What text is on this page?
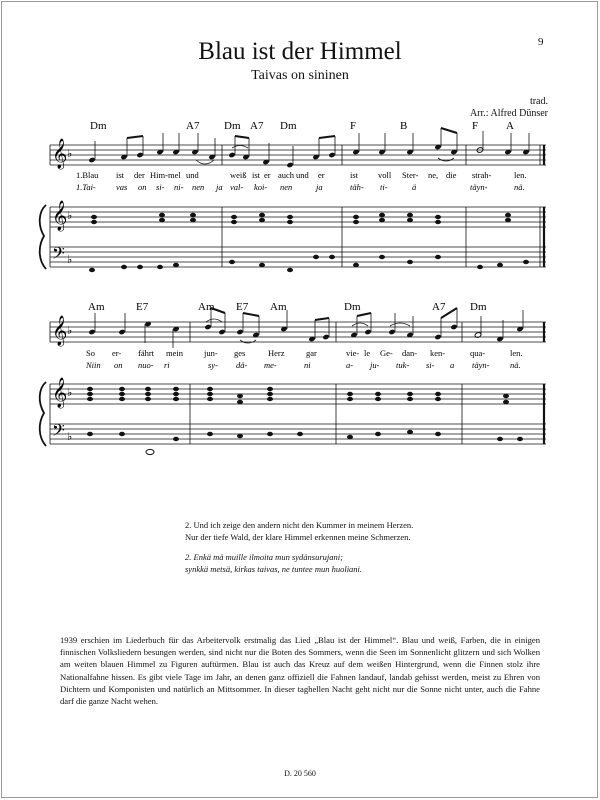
9
Blau ist der Himmel
Taivas on sininen
trad.
Arr.: Alfred Dünser
𝄞
𝄞
𝄢
♭
♭
♭
𝄞
𝄞
𝄢
♭
♭
♭
Dm	A7 Dm A7 Dm	F	B	F	A
1.Blau ist der Him- mel und	weiß ist er auch und er	ist voll Ster- ne, die strah-	len.
1.Tai- vas on si- ni- nen ja val- koi- nen	ja	täh- ti-	ä	täyn-	nä.
Am	E7	Am E7 Am	Dm	A7 Dm
So er- fährt mein jun- ges	Herz	gar	vie- le Ge- dan- ken-	qua-	len.
Niin on nuo- ri	sy- dä- me-	ni	a- ju- tuk- si- a täyn- nä.

2. Und ich zeige den andern nicht den Kummer in meinem Herzen.

Nur der tiefe Wald, der klare Himmel erkennen meine Schmerzen.

2. Enkä mä muille ilmoita mun sydänsurujani;

synkkä metsä, kirkas taivas, ne tuntee mun huoliani.

1939 erschien im Liederbuch für das Arbeitervolk erstmalig das Lied „Blau ist der Himmel“. Blau und weiß, Farben, die in einigen finnischen Volksliedern besungen werden, sind nicht nur die Boten des Sommers, wenn die Seen im Sonnenlicht glitzern und sich Wolken am weiten blauen Himmel zu Figuren auftürmen. Blau ist auch das Kreuz auf dem weißen Hintergrund, wenn die Finnen stolz ihre Nationalfahne hissen. Es gibt viele Tage im Jahr, an denen ganz offiziell die Fahnen landauf, landab gehisst werden, meist zu Ehren von Dichtern und Komponisten und natürlich an Mittsommer. In dieser taghellen Nacht geht nicht nur die Sonne nicht unter, auch die Fahne darf die ganze Nacht wehen.
D. 20 560
